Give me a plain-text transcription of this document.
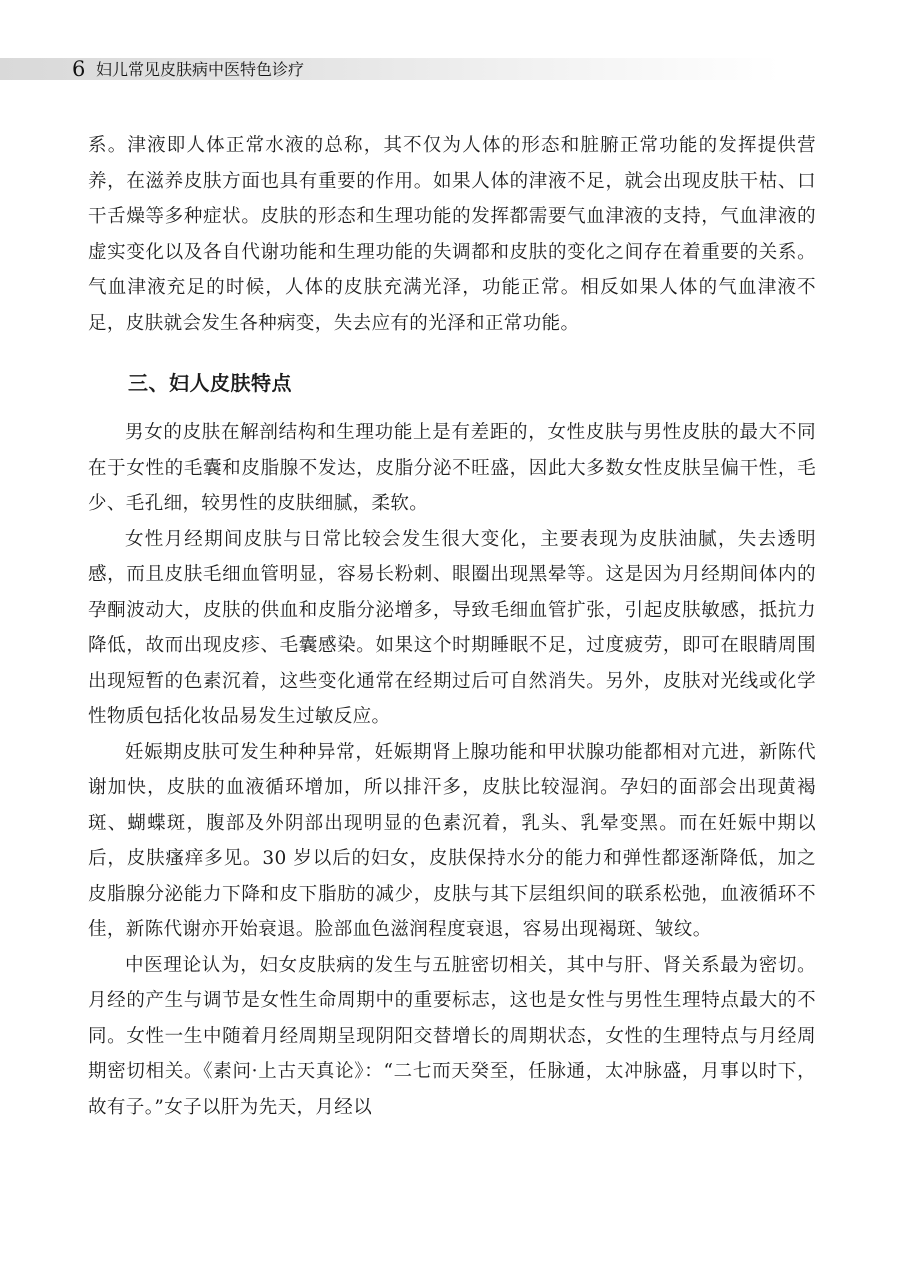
6 妇儿常见皮肤病中医特色诊疗

系。津液即人体正常水液的总称，其不仅为人体的形态和脏腑正常功能的发挥提供营养，在滋养皮肤方面也具有重要的作用。如果人体的津液不足，就会出现皮肤干枯、口干舌燥等多种症状。皮肤的形态和生理功能的发挥都需要气血津液的支持，气血津液的虚实变化以及各自代谢功能和生理功能的失调都和皮肤的变化之间存在着重要的关系。气血津液充足的时候，人体的皮肤充满光泽，功能正常。相反如果人体的气血津液不足，皮肤就会发生各种病变，失去应有的光泽和正常功能。

三、妇人皮肤特点

男女的皮肤在解剖结构和生理功能上是有差距的，女性皮肤与男性皮肤的最大不同在于女性的毛囊和皮脂腺不发达，皮脂分泌不旺盛，因此大多数女性皮肤呈偏干性，毛少、毛孔细，较男性的皮肤细腻，柔软。

女性月经期间皮肤与日常比较会发生很大变化，主要表现为皮肤油腻，失去透明感，而且皮肤毛细血管明显，容易长粉刺、眼圈出现黑晕等。这是因为月经期间体内的孕酮波动大，皮肤的供血和皮脂分泌增多，导致毛细血管扩张，引起皮肤敏感，抵抗力降低，故而出现皮疹、毛囊感染。如果这个时期睡眠不足，过度疲劳，即可在眼睛周围出现短暂的色素沉着，这些变化通常在经期过后可自然消失。另外，皮肤对光线或化学性物质包括化妆品易发生过敏反应。

妊娠期皮肤可发生种种异常，妊娠期肾上腺功能和甲状腺功能都相对亢进，新陈代谢加快，皮肤的血液循环增加，所以排汗多，皮肤比较湿润。孕妇的面部会出现黄褐斑、蝴蝶斑，腹部及外阴部出现明显的色素沉着，乳头、乳晕变黑。而在妊娠中期以后，皮肤瘙痒多见。30 岁以后的妇女，皮肤保持水分的能力和弹性都逐渐降低，加之皮脂腺分泌能力下降和皮下脂肪的减少，皮肤与其下层组织间的联系松弛，血液循环不佳，新陈代谢亦开始衰退。脸部血色滋润程度衰退，容易出现褐斑、皱纹。

中医理论认为，妇女皮肤病的发生与五脏密切相关，其中与肝、肾关系最为密切。月经的产生与调节是女性生命周期中的重要标志，这也是女性与男性生理特点最大的不同。女性一生中随着月经周期呈现阴阳交替增长的周期状态，女性的生理特点与月经周期密切相关。《素问·上古天真论》：“二七而天癸至，任脉通，太冲脉盛，月事以时下，故有子。”女子以肝为先天，月经以
